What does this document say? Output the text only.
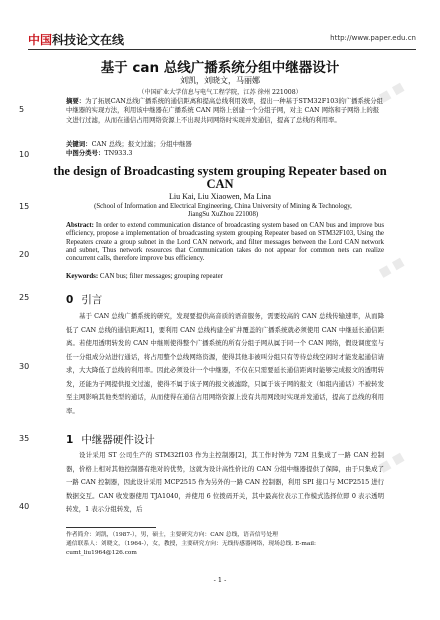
■ ■
■ ■
■ ■
中国科技论文在线	http://www.paper.edu.cn
5
10
15
20
25
30
35
40
基于 can 总线广播系统分组中继器设计
刘凯，刘晓文，马丽娜
（中国矿业大学信息与电气工程学院，江苏 徐州 221008）
摘要：为了拓展CAN总线广播系统的通信距离和提高总线利用效率，提出一种基于STM32F103的广播系统分组中继器的实现方法，利用该中继器在广播系统 CAN 网络上创建一个分组子网，对主 CAN 网络和子网络上的报文进行过滤，从而在通信占用网络资源上不出现共同网络时实现并发通信，提高了总线的利用率。
关键词：CAN 总线；报文过滤；分组中继器
中图分类号：TN933.3
the design of Broadcasting system grouping Repeater based on CAN
Liu Kai, Liu Xiaowen, Ma Lina
(School of Information and Electrical Engineering, China University of Mining & Technology,
JiangSu XuZhou 221008)
Abstract: In order to extend communication distance of broadcasting system based on CAN bus and improve bus efficiency, propose a implementation of broadcasting system grouping Repeater based on STM32F103, Using the Repeaters create a group subnet in the Lord CAN network, and filter messages between the Lord CAN network and subnet, Thus network resources that Communication takes do not appear for common nets can realize concurrent calls, therefore improve bus efficiency.
Keywords: CAN bus; filter messages; grouping repeater
0 引言
基于 CAN 总线广播系统的研究，发现要提供高音质的语音服务，需要较高的 CAN 总线传输速率，从而降低了 CAN 总线的通信距离[1]，要利用 CAN 总线构建全矿井覆盖的广播系统就必须使用 CAN 中继延长通信距离。若使用透明转发的 CAN 中继则使得整个广播系统的所有分组子网从属于同一个 CAN 网络，假设调度室与任一分组成分站进行通话，将占用整个总线网络资源，使得其他非被叫分组只有等待总线空闲时才能发起通信请求，大大降低了总线的利用率。因此必须设计一个中继器，不仅在只需要延长通信距离时能够完成报文的透明转发，还能为子网提供报文过滤，使得不属于该子网的报文被滤除，只属于该子网的报文（如组内通话）不被转发至主网影响其他类型的通话，从而使得在通信占用网络资源上没有共用网段时实现并发通话，提高了总线的利用率。
1 中继器硬件设计
设计采用 ST 公司生产的 STM32f103 作为主控制器[2]，其工作时钟为 72M 且集成了一路 CAN 控制器，价格上相对其他控制器有绝对的优势，这就为设计高性价比的 CAN 分组中继器提供了保障，由于只集成了一路 CAN 控制器，因此设计采用 MCP2515 作为另外的一路 CAN 控制器，利用 SPI 接口与 MCP2515 进行数据交互。CAN 收发器使用 TJA1040，并使用 6 位拨码开关，其中最高位表示工作模式选择位即 0 表示透明转发，1 表示分组转发，后
作者简介：刘凯，（1987-），男，硕士，主要研究方向：CAN 总线，语音信号处理
通信联系人：刘晓文，（1964-），女，教授，主要研究方向：无线传感器网络，现场总线. E-mail:
cumt_liu1964@126.com
- 1 -
